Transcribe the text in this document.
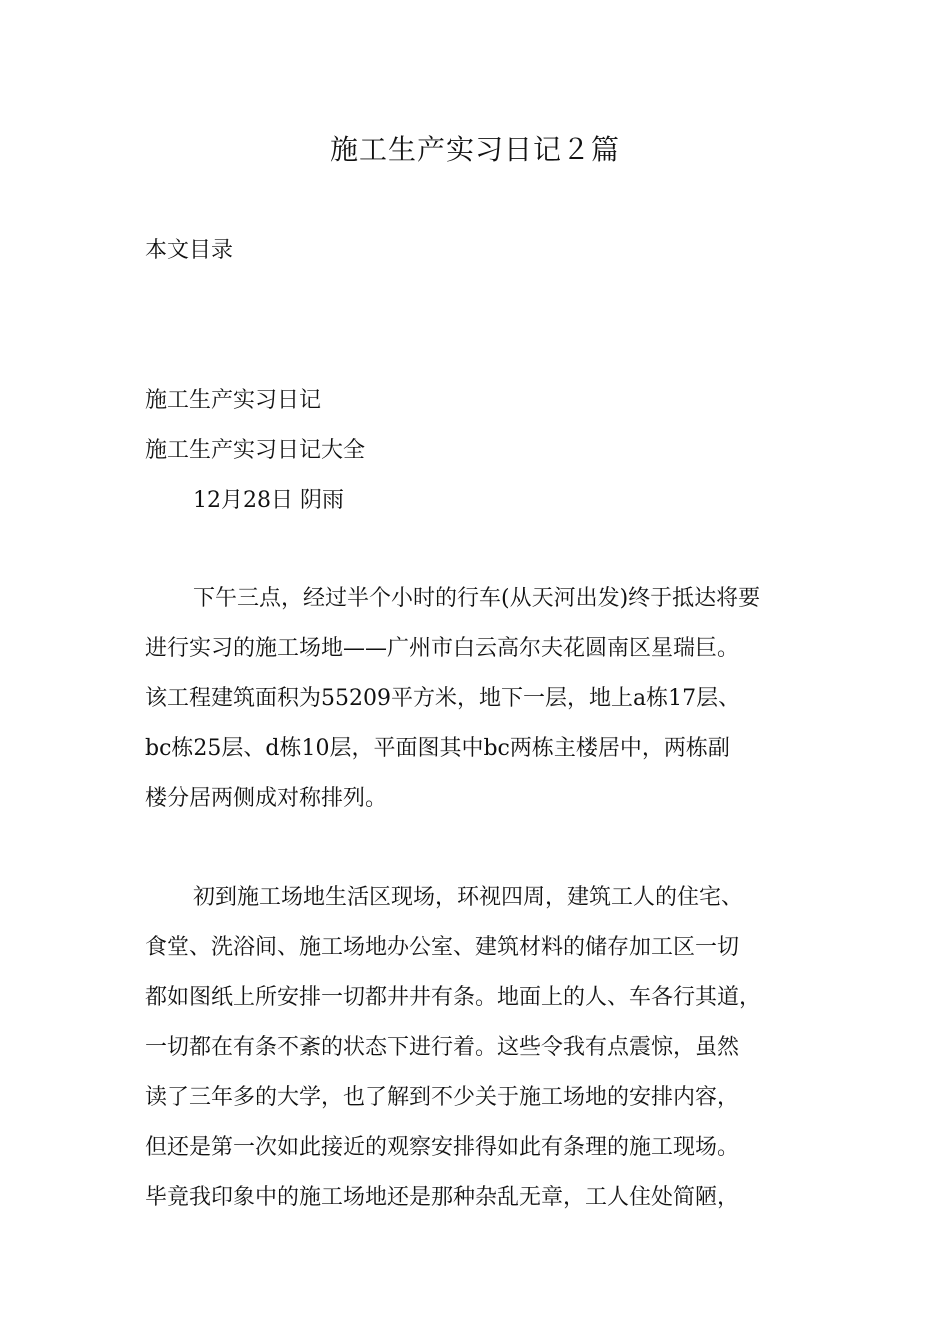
施工生产实习日记２篇
本文目录
施工生产实习日记
施工生产实习日记大全
12月28日 阴雨
下午三点，经过半个小时的行车(从天河出发)终于抵达将要
进行实习的施工场地——广州市白云高尔夫花圆南区星瑞巨。
该工程建筑面积为55209平方米，地下一层，地上a栋17层、
bc栋25层、d栋10层，平面图其中bc两栋主楼居中，两栋副
楼分居两侧成对称排列。
初到施工场地生活区现场，环视四周，建筑工人的住宅、
食堂、洗浴间、施工场地办公室、建筑材料的储存加工区一切
都如图纸上所安排一切都井井有条。地面上的人、车各行其道，
一切都在有条不紊的状态下进行着。这些令我有点震惊，虽然
读了三年多的大学，也了解到不少关于施工场地的安排内容，
但还是第一次如此接近的观察安排得如此有条理的施工现场。
毕竟我印象中的施工场地还是那种杂乱无章，工人住处简陋，
